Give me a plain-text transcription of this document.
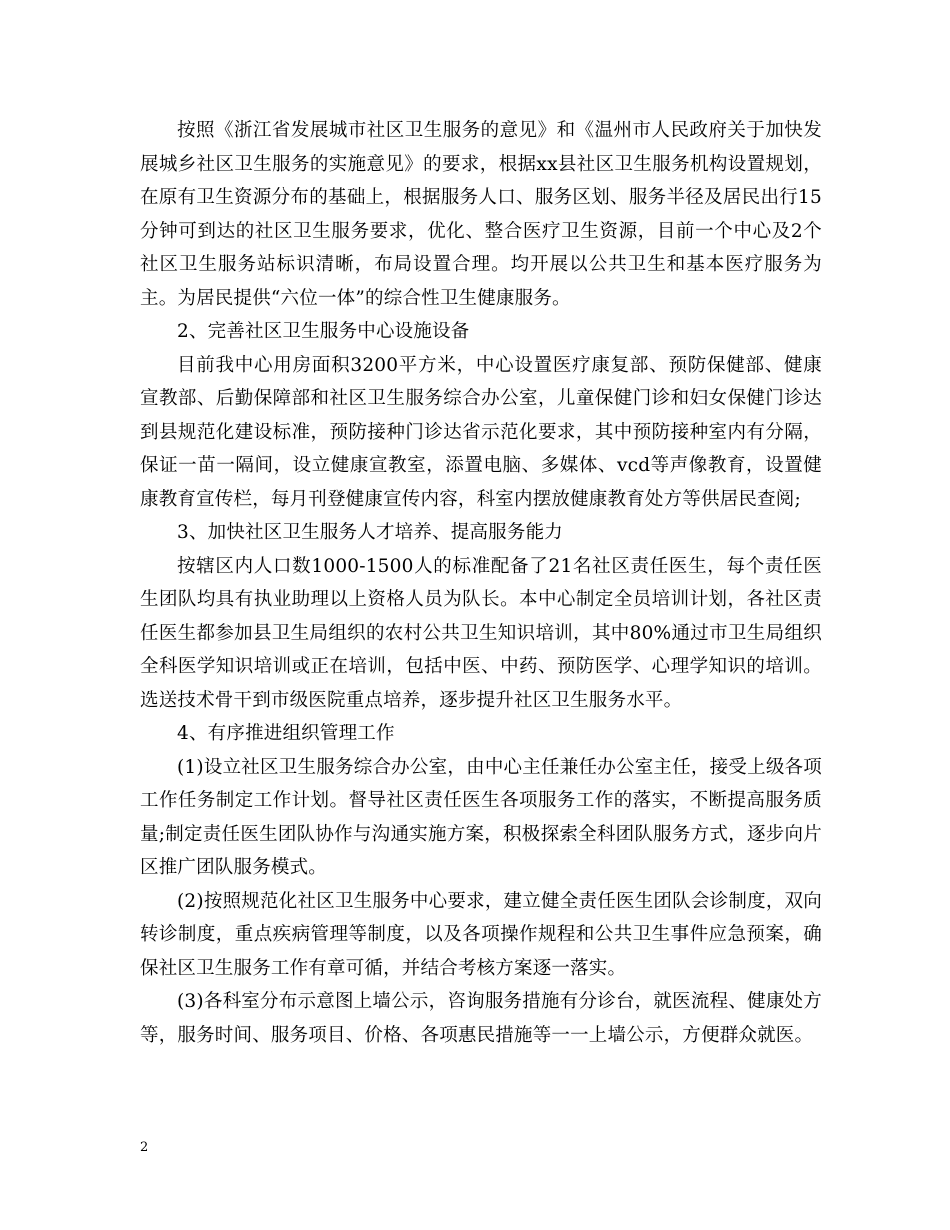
按照《浙江省发展城市社区卫生服务的意见》和《温州市人民政府关于加快发展城乡社区卫生服务的实施意见》的要求，根据xx县社区卫生服务机构设置规划，在原有卫生资源分布的基础上，根据服务人口、服务区划、服务半径及居民出行15分钟可到达的社区卫生服务要求，优化、整合医疗卫生资源，目前一个中心及2个社区卫生服务站标识清晰，布局设置合理。均开展以公共卫生和基本医疗服务为主。为居民提供“六位一体”的综合性卫生健康服务。

2、完善社区卫生服务中心设施设备

目前我中心用房面积3200平方米，中心设置医疗康复部、预防保健部、健康宣教部、后勤保障部和社区卫生服务综合办公室，儿童保健门诊和妇女保健门诊达到县规范化建设标准，预防接种门诊达省示范化要求，其中预防接种室内有分隔，保证一苗一隔间，设立健康宣教室，添置电脑、多媒体、vcd等声像教育，设置健康教育宣传栏，每月刊登健康宣传内容，科室内摆放健康教育处方等供居民查阅;

3、加快社区卫生服务人才培养、提高服务能力

按辖区内人口数1000-1500人的标准配备了21名社区责任医生，每个责任医生团队均具有执业助理以上资格人员为队长。本中心制定全员培训计划，各社区责任医生都参加县卫生局组织的农村公共卫生知识培训，其中80%通过市卫生局组织全科医学知识培训或正在培训，包括中医、中药、预防医学、心理学知识的培训。选送技术骨干到市级医院重点培养，逐步提升社区卫生服务水平。

4、有序推进组织管理工作

(1)设立社区卫生服务综合办公室，由中心主任兼任办公室主任，接受上级各项工作任务制定工作计划。督导社区责任医生各项服务工作的落实，不断提高服务质量;制定责任医生团队协作与沟通实施方案，积极探索全科团队服务方式，逐步向片区推广团队服务模式。

(2)按照规范化社区卫生服务中心要求，建立健全责任医生团队会诊制度，双向转诊制度，重点疾病管理等制度，以及各项操作规程和公共卫生事件应急预案，确保社区卫生服务工作有章可循，并结合考核方案逐一落实。

(3)各科室分布示意图上墙公示，咨询服务措施有分诊台，就医流程、健康处方等，服务时间、服务项目、价格、各项惠民措施等一一上墙公示，方便群众就医。

2
